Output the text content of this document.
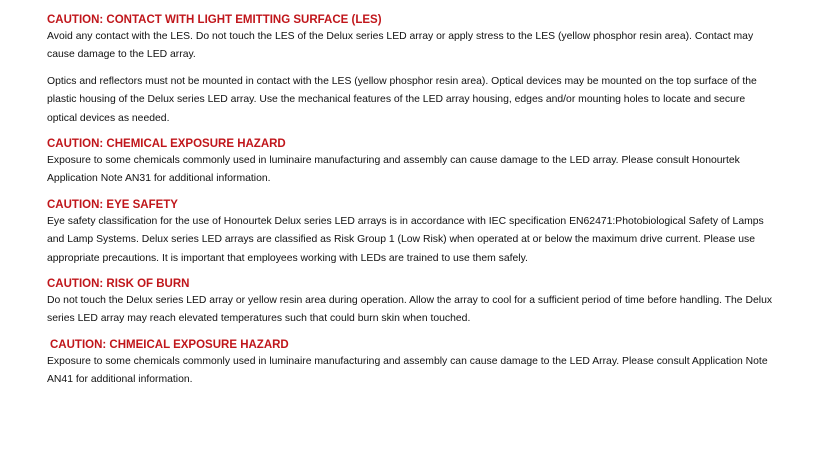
CAUTION: CONTACT WITH LIGHT EMITTING SURFACE (LES)

Avoid any contact with the LES. Do not touch the LES of the Delux series LED array or apply stress to the LES (yellow phosphor resin area). Contact may cause damage to the LED array.

Optics and reflectors must not be mounted in contact with the LES (yellow phosphor resin area). Optical devices may be mounted on the top surface of the plastic housing of the Delux series LED array. Use the mechanical features of the LED array housing, edges and/or mounting holes to locate and secure optical devices as needed.

CAUTION: CHEMICAL EXPOSURE HAZARD

Exposure to some chemicals commonly used in luminaire manufacturing and assembly can cause damage to the LED array. Please consult Honourtek Application Note AN31 for additional information.

CAUTION: EYE SAFETY

Eye safety classification for the use of Honourtek Delux series LED arrays is in accordance with IEC specification EN62471:Photobiological Safety of Lamps and Lamp Systems. Delux series LED arrays are classified as Risk Group 1 (Low Risk) when operated at or below the maximum drive current. Please use appropriate precautions. It is important that employees working with LEDs are trained to use them safely.

CAUTION: RISK OF BURN

Do not touch the Delux series LED array or yellow resin area during operation. Allow the array to cool for a sufficient period of time before handling. The Delux series LED array may reach elevated temperatures such that could burn skin when touched.

CAUTION: CHMEICAL EXPOSURE HAZARD

Exposure to some chemicals commonly used in luminaire manufacturing and assembly can cause damage to the LED Array. Please consult Application Note AN41 for additional information.
